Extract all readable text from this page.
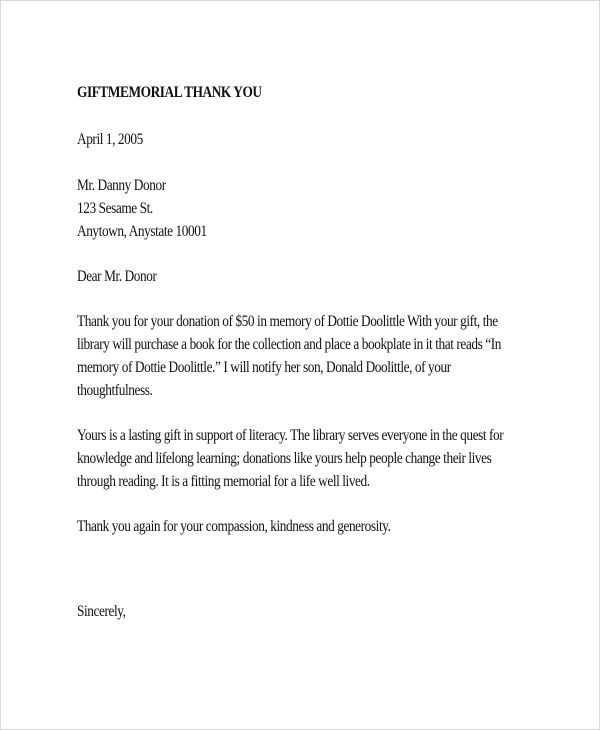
GIFTMEMORIAL THANK YOU

April 1, 2005

Mr. Danny Donor
123 Sesame St.
Anytown, Anystate 10001

Dear Mr. Donor

Thank you for your donation of $50 in memory of Dottie Doolittle With your gift, the
library will purchase a book for the collection and place a bookplate in it that reads “In
memory of Dottie Doolittle.” I will notify her son, Donald Doolittle, of your
thoughtfulness.

Yours is a lasting gift in support of literacy. The library serves everyone in the quest for
knowledge and lifelong learning; donations like yours help people change their lives
through reading. It is a fitting memorial for a life well lived.

Thank you again for your compassion, kindness and generosity.

Sincerely,
